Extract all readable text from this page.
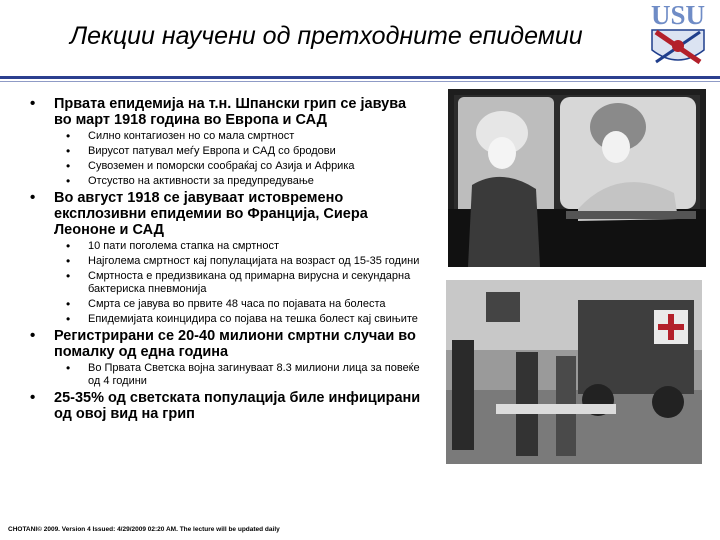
Лекции научени од претходните епидемии
USU
• Првата епидемија на т.н. Шпански грип се јавува во март 1918 година во Европа и САД
• Силно контагиозен но со мала смртност
• Вирусот патувал меѓу Европа и САД со бродови
• Сувоземен и поморски сообраќај со Азија и Африка
• Отсуство на активности за предупредување
• Во август 1918 се јавуваат истовремено експлозивни епидемии во Франција, Сиера Леононе и САД
• 10 пати поголема стапка на смртност
• Најголема смртност кај популацијата на возраст од 15-35 години
• Смртноста е предизвикана од примарна вирусна и секундарна бактериска пневмонија
• Смрта се јавува во првите 48 часа по појавата на болеста
• Епидемијата коинцидира со појава на тешка болест кај свињите
• Регистрирани се 20-40 милиони смртни случаи во помалку од една година
• Во Првата Светска војна загинуваат 8.3 милиони лица за повеќе од 4 години
• 25-35% од светската популација биле инфицирани од овој вид на грип
CHOTANI© 2009. Version 4 Issued: 4/29/2009 02:20 AM. The lecture will be updated daily
